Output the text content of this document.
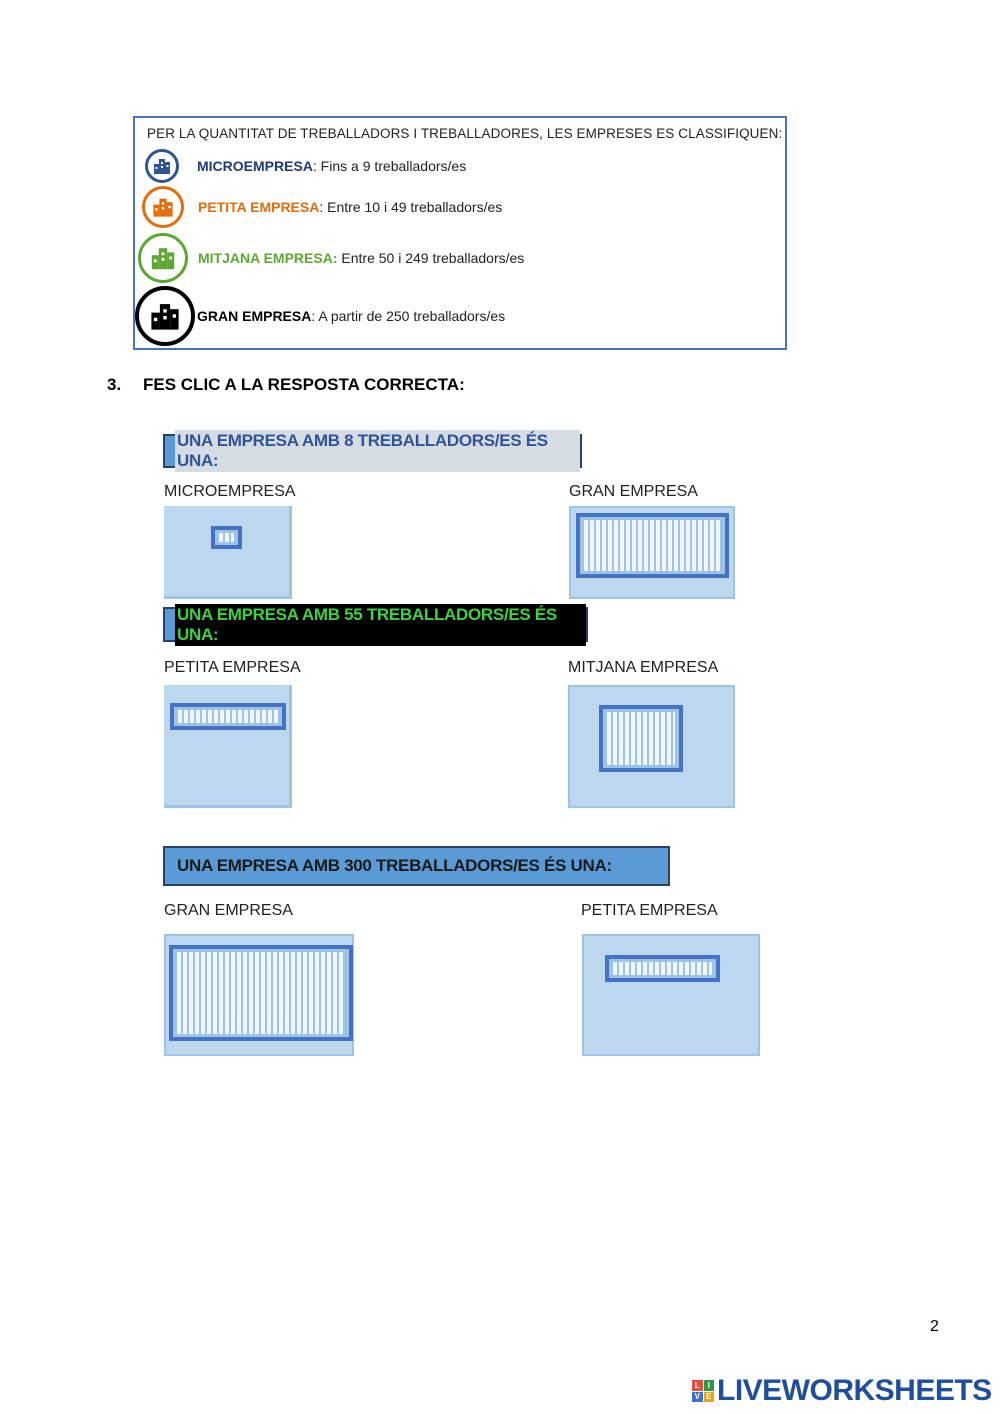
PER LA QUANTITAT DE TREBALLADORS I TREBALLADORES, LES EMPRESES ES CLASSIFIQUEN:
MICROEMPRESA: Fins a 9 treballadors/es
PETITA EMPRESA: Entre 10 i 49 treballadors/es
MITJANA EMPRESA: Entre 50 i 249 treballadors/es
GRAN EMPRESA: A partir de 250 treballadors/es
3. FES CLIC A LA RESPOSTA CORRECTA:
UNA EMPRESA AMB 8 TREBALLADORS/ES ÉS UNA:
MICROEMPRESA	GRAN EMPRESA
UNA EMPRESA AMB 55 TREBALLADORS/ES ÉS UNA:
PETITA EMPRESA	MITJANA EMPRESA
UNA EMPRESA AMB 300 TREBALLADORS/ES ÉS UNA:
GRAN EMPRESA	PETITA EMPRESA
2
L I
V E LIVEWORKSHEETS
